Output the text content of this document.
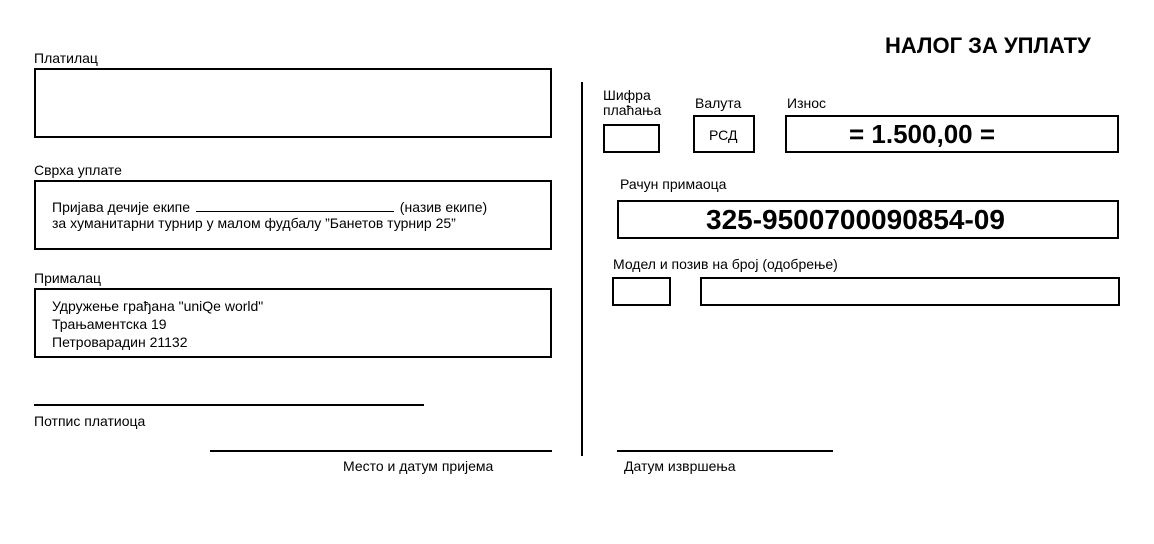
НАЛОГ ЗА УПЛАТУ
Платилац
Сврха уплате
Пријава дечије екипе	(назив екипе)
за хуманитарни турнир у малом фудбалу ”Банетов турнир 25”
Прималац
Удружење грађана "uniQe world"
Трањаментска 19
Петроварадин 21132
Потпис платиоца
Место и датум пријема
Шифра
плаћања Валута
РСД
Износ
= 1.500,00 =
Рачун примаоца
325-9500700090854-09
Модел и позив на број (одобрење)
Датум извршења
